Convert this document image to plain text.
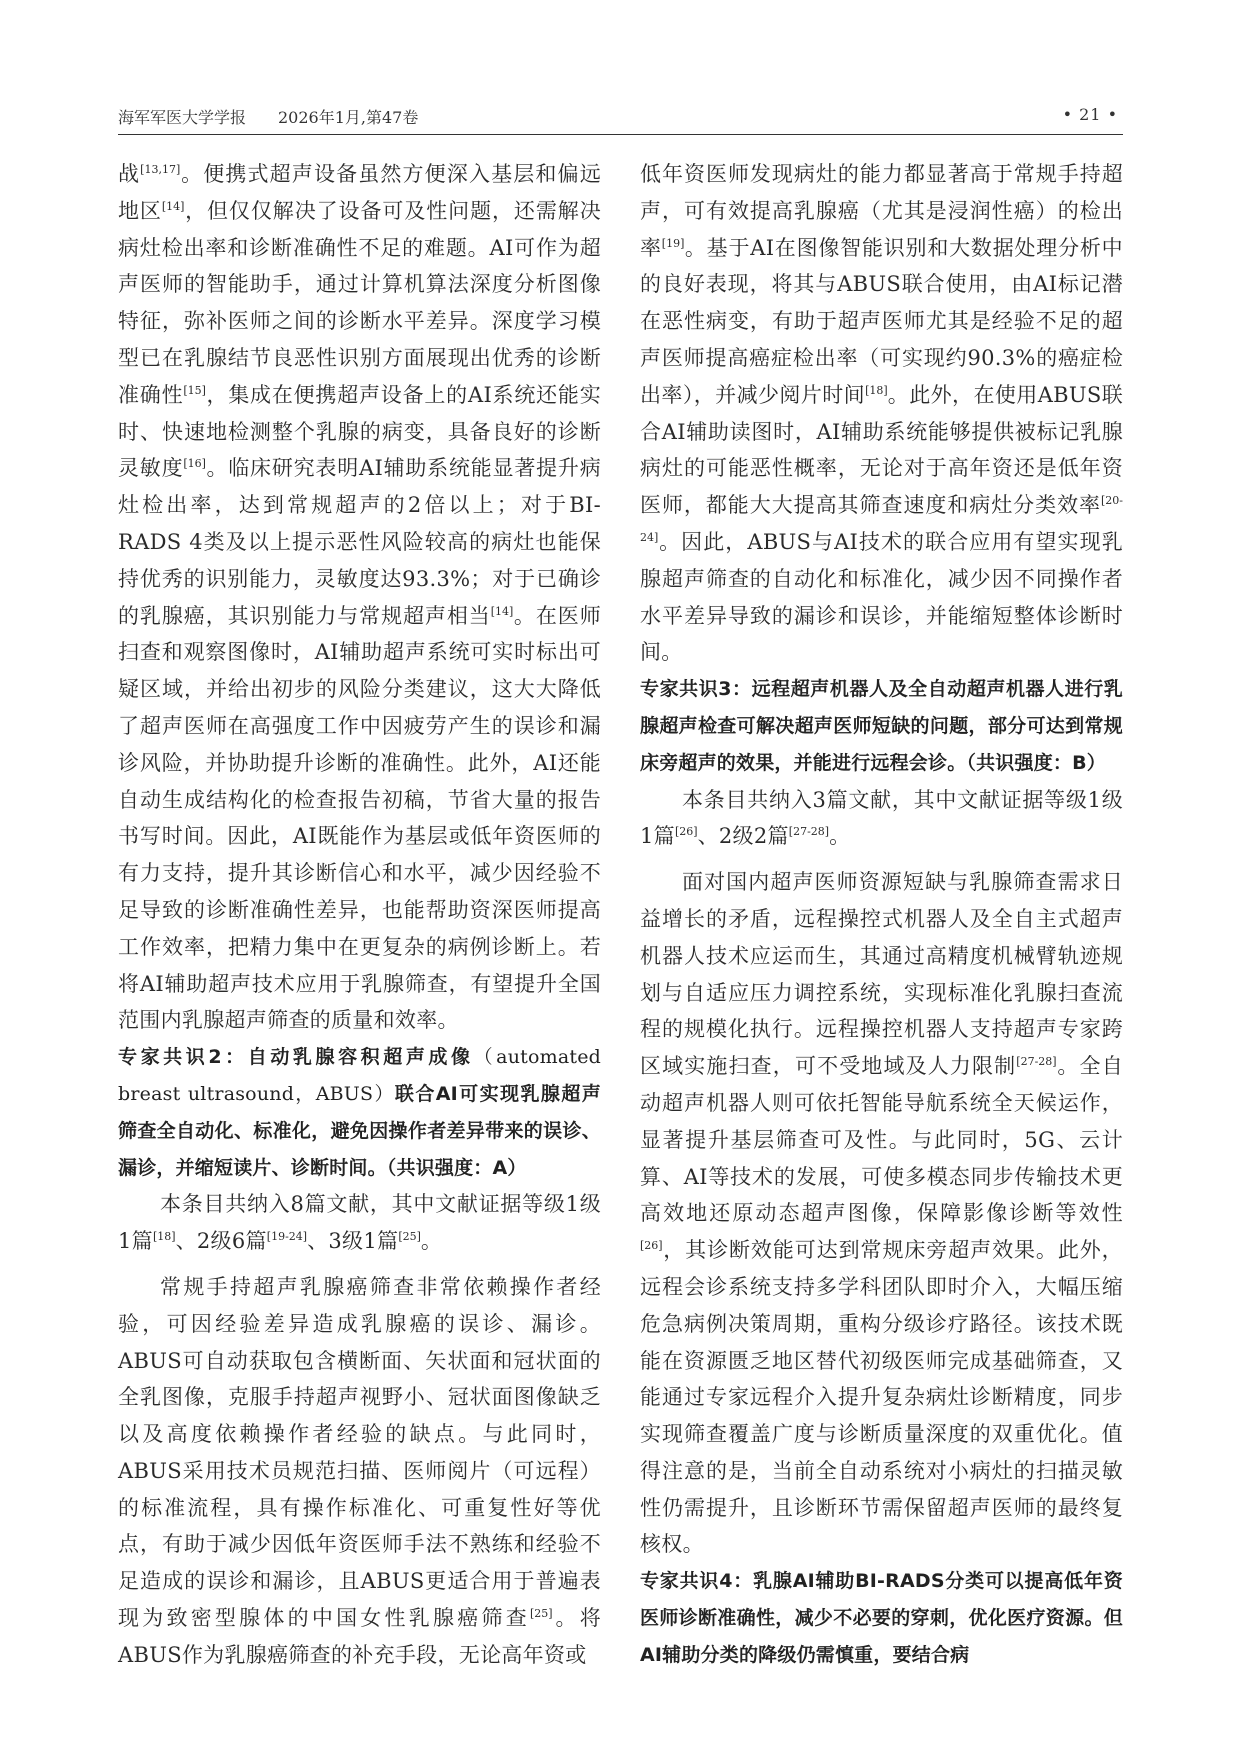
海军军医大学学报 2026年1月,第47卷	• 21 •

战[13,17]。便携式超声设备虽然方便深入基层和偏远地区[14]，但仅仅解决了设备可及性问题，还需解决病灶检出率和诊断准确性不足的难题。AI可作为超声医师的智能助手，通过计算机算法深度分析图像特征，弥补医师之间的诊断水平差异。深度学习模型已在乳腺结节良恶性识别方面展现出优秀的诊断准确性[15]，集成在便携超声设备上的AI系统还能实时、快速地检测整个乳腺的病变，具备良好的诊断灵敏度[16]。临床研究表明AI辅助系统能显著提升病灶检出率，达到常规超声的2倍以上；对于BI-RADS 4类及以上提示恶性风险较高的病灶也能保持优秀的识别能力，灵敏度达93.3%；对于已确诊的乳腺癌，其识别能力与常规超声相当[14]。在医师扫查和观察图像时，AI辅助超声系统可实时标出可疑区域，并给出初步的风险分类建议，这大大降低了超声医师在高强度工作中因疲劳产生的误诊和漏诊风险，并协助提升诊断的准确性。此外，AI还能自动生成结构化的检查报告初稿，节省大量的报告书写时间。因此，AI既能作为基层或低年资医师的有力支持，提升其诊断信心和水平，减少因经验不足导致的诊断准确性差异，也能帮助资深医师提高工作效率，把精力集中在更复杂的病例诊断上。若将AI辅助超声技术应用于乳腺筛查，有望提升全国范围内乳腺超声筛查的质量和效率。

专家共识2：自动乳腺容积超声成像（automated breast ultrasound，ABUS）联合AI可实现乳腺超声筛查全自动化、标准化，避免因操作者差异带来的误诊、漏诊，并缩短读片、诊断时间。（共识强度：A）

本条目共纳入8篇文献，其中文献证据等级1级1篇[18]、2级6篇[19-24]、3级1篇[25]。

常规手持超声乳腺癌筛查非常依赖操作者经验，可因经验差异造成乳腺癌的误诊、漏诊。ABUS可自动获取包含横断面、矢状面和冠状面的全乳图像，克服手持超声视野小、冠状面图像缺乏以及高度依赖操作者经验的缺点。与此同时，ABUS采用技术员规范扫描、医师阅片（可远程）的标准流程，具有操作标准化、可重复性好等优点，有助于减少因低年资医师手法不熟练和经验不足造成的误诊和漏诊，且ABUS更适合用于普遍表现为致密型腺体的中国女性乳腺癌筛查[25]。将ABUS作为乳腺癌筛查的补充手段，无论高年资或

低年资医师发现病灶的能力都显著高于常规手持超声，可有效提高乳腺癌（尤其是浸润性癌）的检出率[19]。基于AI在图像智能识别和大数据处理分析中的良好表现，将其与ABUS联合使用，由AI标记潜在恶性病变，有助于超声医师尤其是经验不足的超声医师提高癌症检出率（可实现约90.3%的癌症检出率），并减少阅片时间[18]。此外，在使用ABUS联合AI辅助读图时，AI辅助系统能够提供被标记乳腺病灶的可能恶性概率，无论对于高年资还是低年资医师，都能大大提高其筛查速度和病灶分类效率[20-24]。因此，ABUS与AI技术的联合应用有望实现乳腺超声筛查的自动化和标准化，减少因不同操作者水平差异导致的漏诊和误诊，并能缩短整体诊断时间。

专家共识3：远程超声机器人及全自动超声机器人进行乳腺超声检查可解决超声医师短缺的问题，部分可达到常规床旁超声的效果，并能进行远程会诊。（共识强度：B）

本条目共纳入3篇文献，其中文献证据等级1级1篇[26]、2级2篇[27-28]。

面对国内超声医师资源短缺与乳腺筛查需求日益增长的矛盾，远程操控式机器人及全自主式超声机器人技术应运而生，其通过高精度机械臂轨迹规划与自适应压力调控系统，实现标准化乳腺扫查流程的规模化执行。远程操控机器人支持超声专家跨区域实施扫查，可不受地域及人力限制[27-28]。全自动超声机器人则可依托智能导航系统全天候运作，显著提升基层筛查可及性。与此同时，5G、云计算、AI等技术的发展，可使多模态同步传输技术更高效地还原动态超声图像，保障影像诊断等效性[26]，其诊断效能可达到常规床旁超声效果。此外，远程会诊系统支持多学科团队即时介入，大幅压缩危急病例决策周期，重构分级诊疗路径。该技术既能在资源匮乏地区替代初级医师完成基础筛查，又能通过专家远程介入提升复杂病灶诊断精度，同步实现筛查覆盖广度与诊断质量深度的双重优化。值得注意的是，当前全自动系统对小病灶的扫描灵敏性仍需提升，且诊断环节需保留超声医师的最终复核权。

专家共识4：乳腺AI辅助BI-RADS分类可以提高低年资医师诊断准确性，减少不必要的穿刺，优化医疗资源。但AI辅助分类的降级仍需慎重，要结合病
